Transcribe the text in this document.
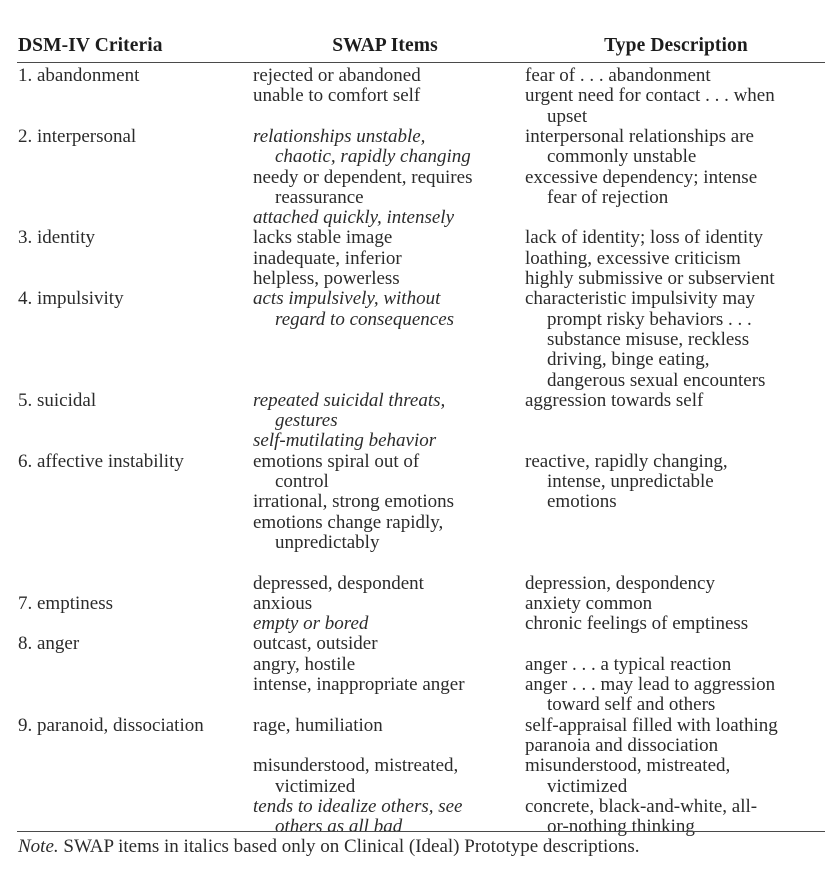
DSM-IV Criteria	SWAP Items	Type Description
1. abandonment
2. interpersonal
3. identity
4. impulsivity
5. suicidal
6. affective instability
7. emptiness
8. anger
9. paranoid, dissociation
rejected or abandoned
unable to comfort self
relationships unstable,
chaotic, rapidly changing
needy or dependent, requires
reassurance
attached quickly, intensely
lacks stable image
inadequate, inferior
helpless, powerless
acts impulsively, without
regard to consequences
repeated suicidal threats,
gestures
self-mutilating behavior
emotions spiral out of
control
irrational, strong emotions
emotions change rapidly,
unpredictably
depressed, despondent
anxious
empty or bored
outcast, outsider
angry, hostile
intense, inappropriate anger
rage, humiliation
misunderstood, mistreated,
victimized
tends to idealize others, see
others as all bad
fear of . . . abandonment
urgent need for contact . . . when
upset
interpersonal relationships are
commonly unstable
excessive dependency; intense
fear of rejection
lack of identity; loss of identity
loathing, excessive criticism
highly submissive or subservient
characteristic impulsivity may
prompt risky behaviors . . .
substance misuse, reckless
driving, binge eating,
dangerous sexual encounters
aggression towards self
reactive, rapidly changing,
intense, unpredictable
emotions
depression, despondency
anxiety common
chronic feelings of emptiness
anger . . . a typical reaction
anger . . . may lead to aggression
toward self and others
self-appraisal filled with loathing
paranoia and dissociation
misunderstood, mistreated,
victimized
concrete, black-and-white, all-
or-nothing thinking
Note. SWAP items in italics based only on Clinical (Ideal) Prototype descriptions.
